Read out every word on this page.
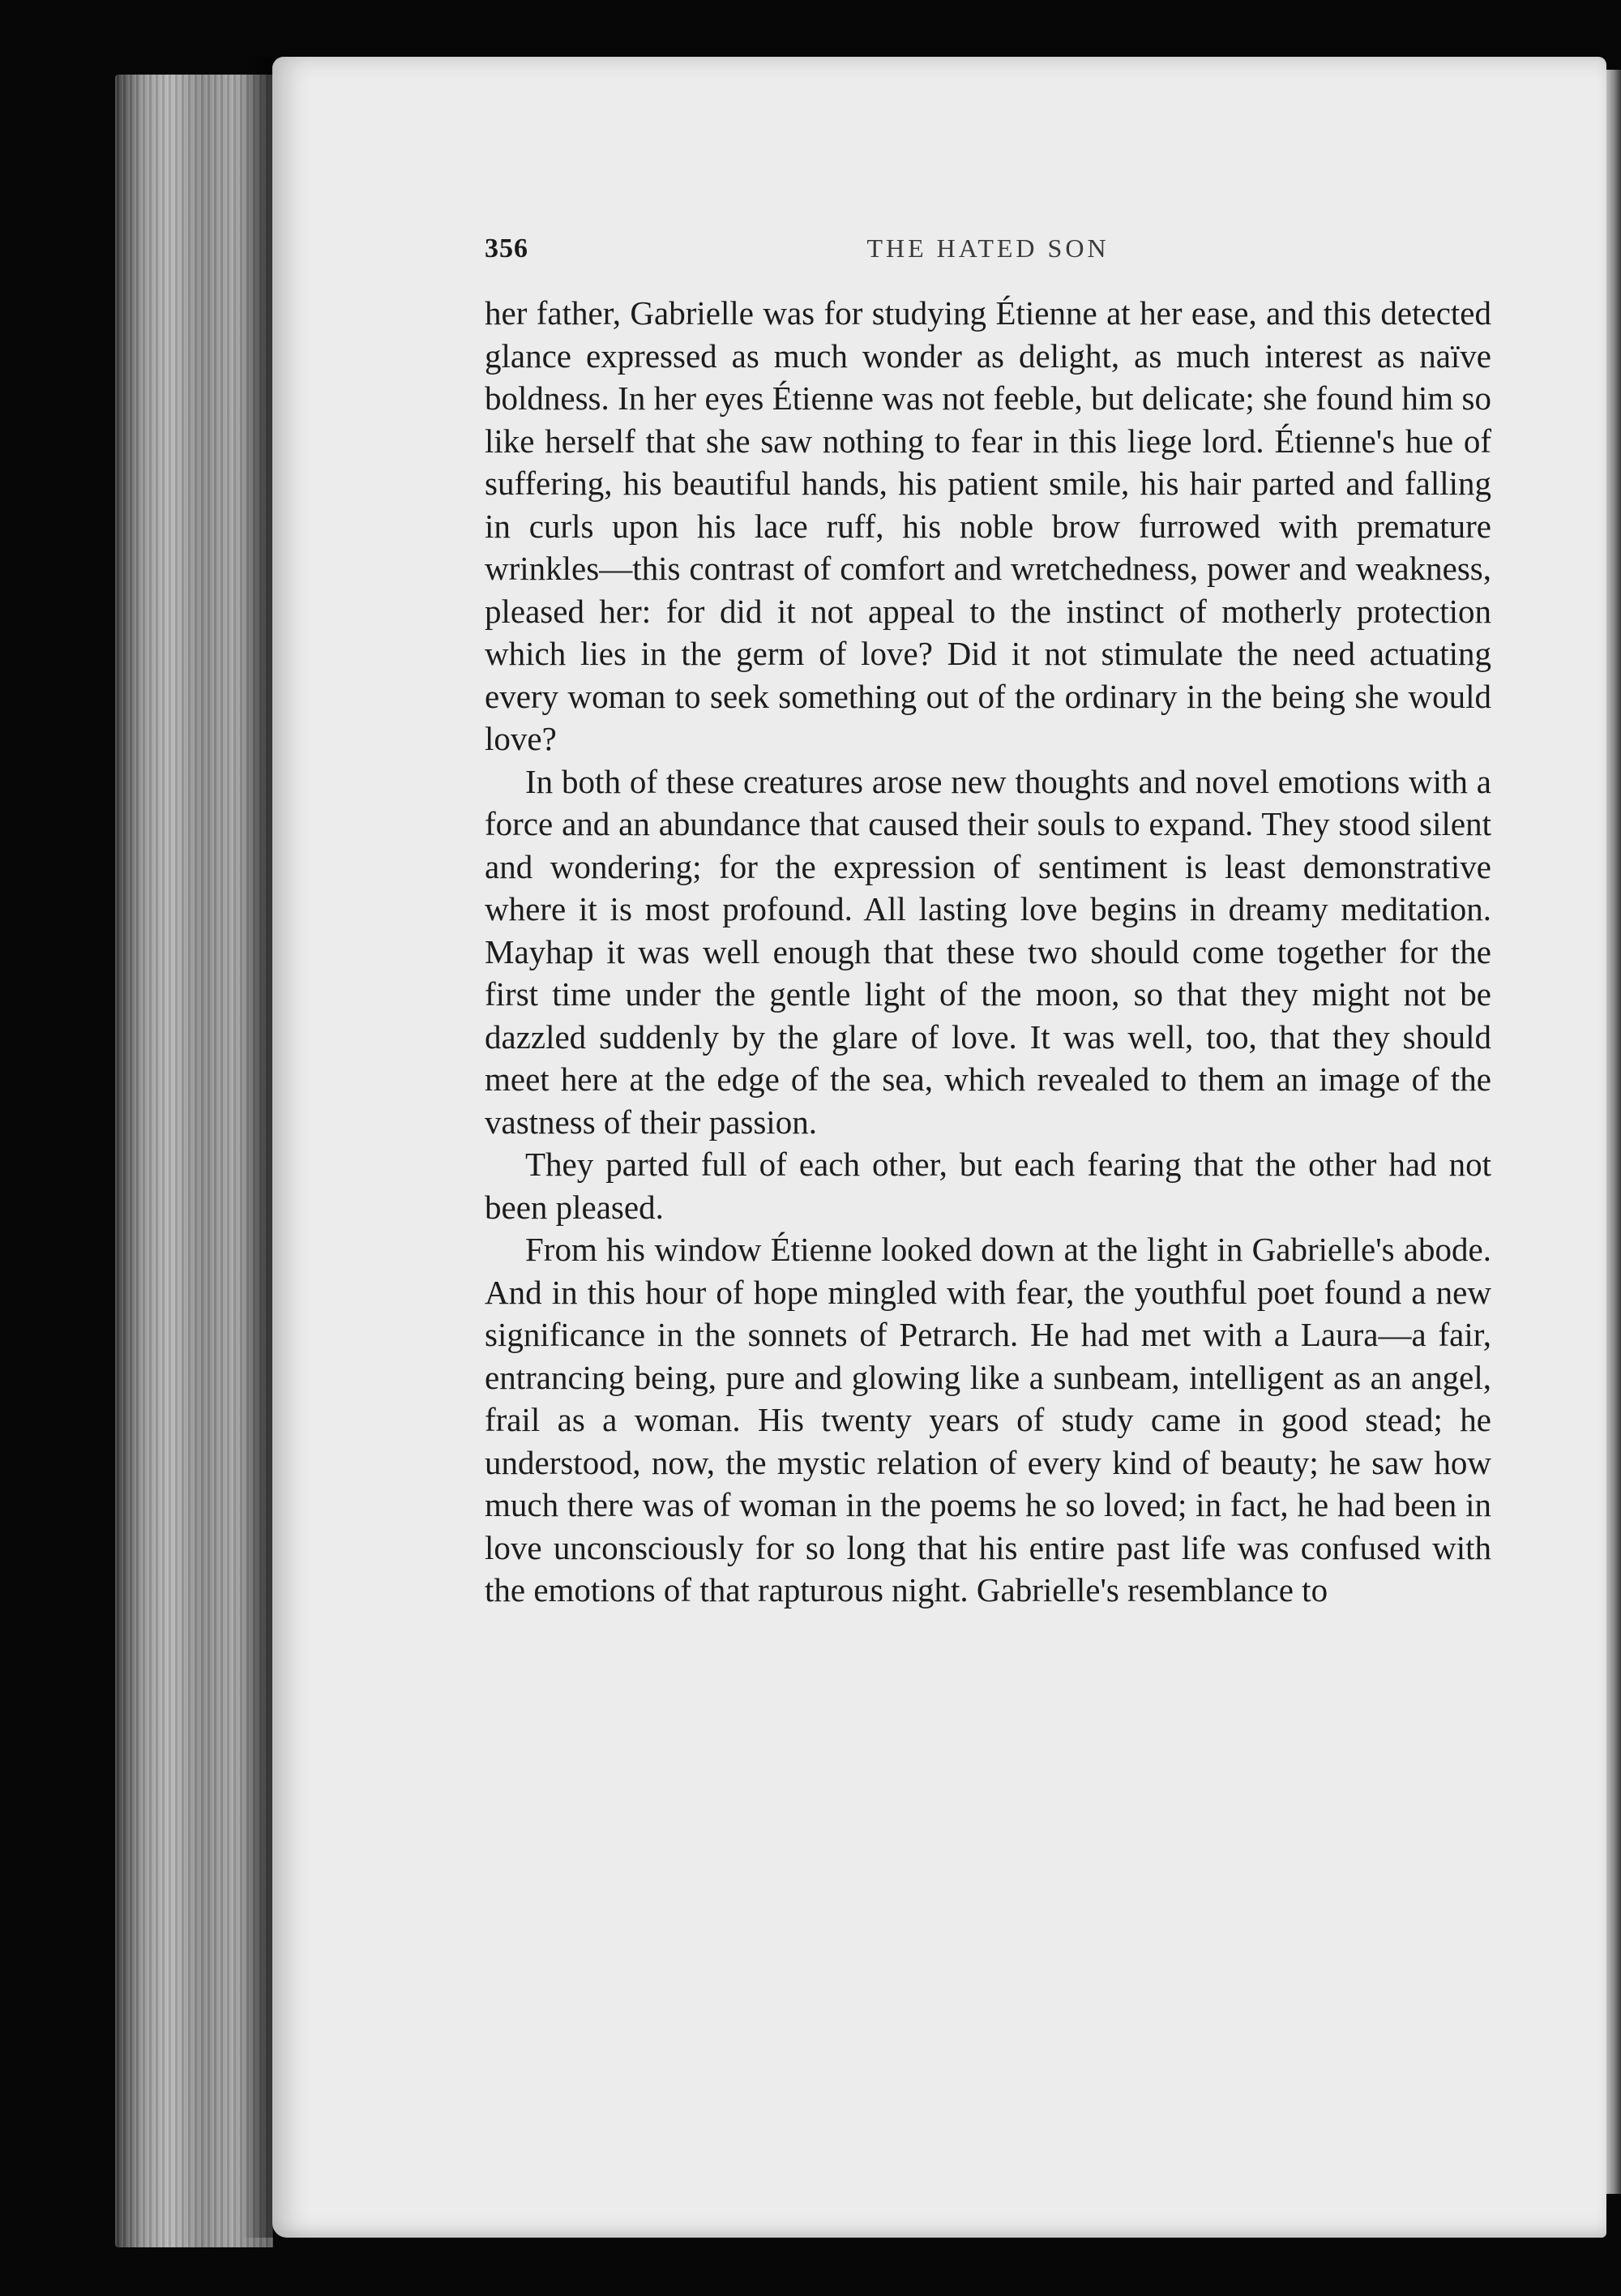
356	THE HATED SON

her father, Gabrielle was for studying Étienne at her ease, and this detected glance expressed as much wonder as delight, as much interest as naïve boldness. In her eyes Étienne was not feeble, but delicate; she found him so like herself that she saw nothing to fear in this liege lord. Étienne's hue of suffering, his beautiful hands, his patient smile, his hair parted and falling in curls upon his lace ruff, his noble brow furrowed with premature wrinkles—this contrast of comfort and wretchedness, power and weakness, pleased her: for did it not appeal to the instinct of motherly protection which lies in the germ of love? Did it not stimulate the need actuating every woman to seek something out of the ordinary in the being she would love?

In both of these creatures arose new thoughts and novel emotions with a force and an abundance that caused their souls to expand. They stood silent and wondering; for the expression of sentiment is least demonstrative where it is most profound. All lasting love begins in dreamy meditation. Mayhap it was well enough that these two should come together for the first time under the gentle light of the moon, so that they might not be dazzled suddenly by the glare of love. It was well, too, that they should meet here at the edge of the sea, which revealed to them an image of the vastness of their passion.

They parted full of each other, but each fearing that the other had not been pleased.

From his window Étienne looked down at the light in Gabrielle's abode. And in this hour of hope mingled with fear, the youthful poet found a new significance in the sonnets of Petrarch. He had met with a Laura—a fair, entrancing being, pure and glowing like a sunbeam, intelligent as an angel, frail as a woman. His twenty years of study came in good stead; he understood, now, the mystic relation of every kind of beauty; he saw how much there was of woman in the poems he so loved; in fact, he had been in love unconsciously for so long that his entire past life was confused with the emotions of that rapturous night. Gabrielle's resemblance to
